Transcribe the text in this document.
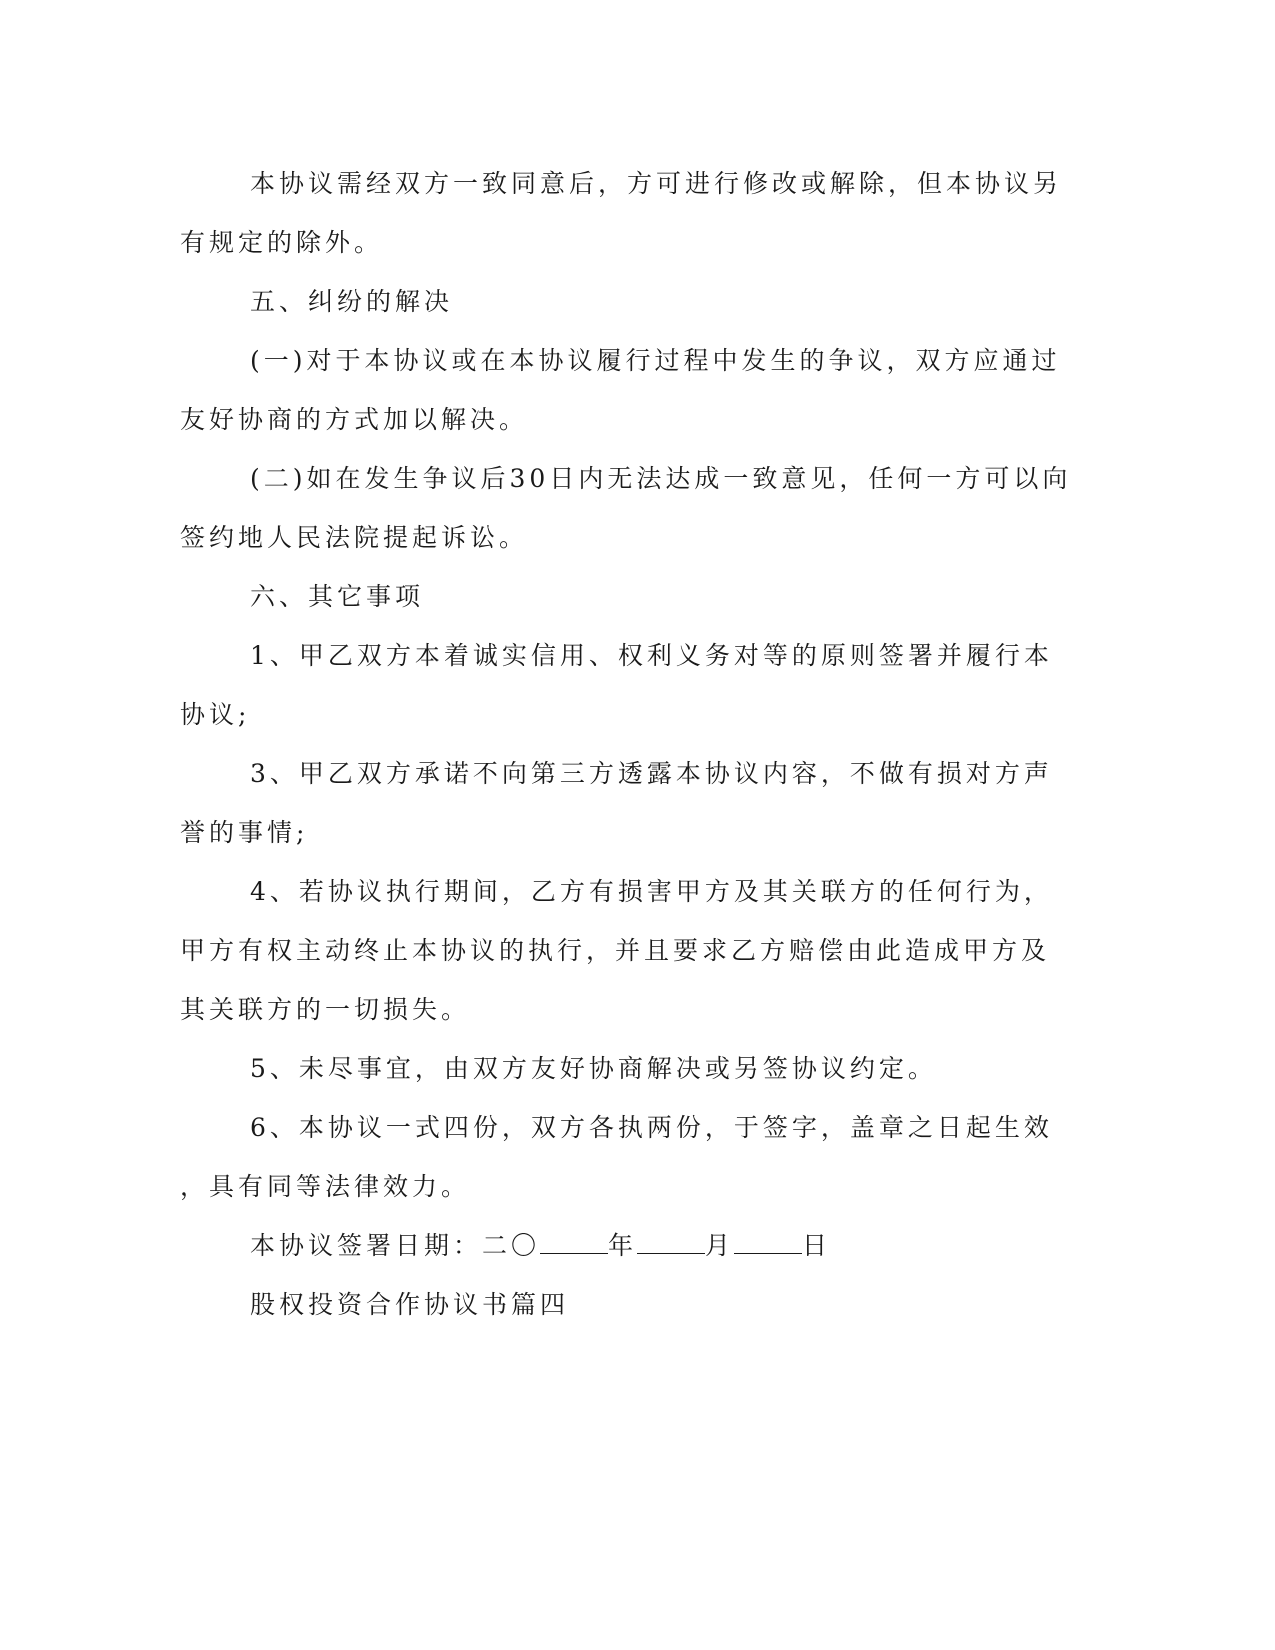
本协议需经双方一致同意后，方可进行修改或解除，但本协议另
有规定的除外。
五、纠纷的解决
(一)对于本协议或在本协议履行过程中发生的争议，双方应通过
友好协商的方式加以解决。
(二)如在发生争议后30日内无法达成一致意见，任何一方可以向
签约地人民法院提起诉讼。
六、其它事项
1、甲乙双方本着诚实信用、权利义务对等的原则签署并履行本
协议;
3、甲乙双方承诺不向第三方透露本协议内容，不做有损对方声
誉的事情;
4、若协议执行期间，乙方有损害甲方及其关联方的任何行为，
甲方有权主动终止本协议的执行，并且要求乙方赔偿由此造成甲方及
其关联方的一切损失。
5、未尽事宜，由双方友好协商解决或另签协议约定。
6、本协议一式四份，双方各执两份，于签字，盖章之日起生效
，具有同等法律效力。
本协议签署日期：二〇	年	月	日
股权投资合作协议书篇四
